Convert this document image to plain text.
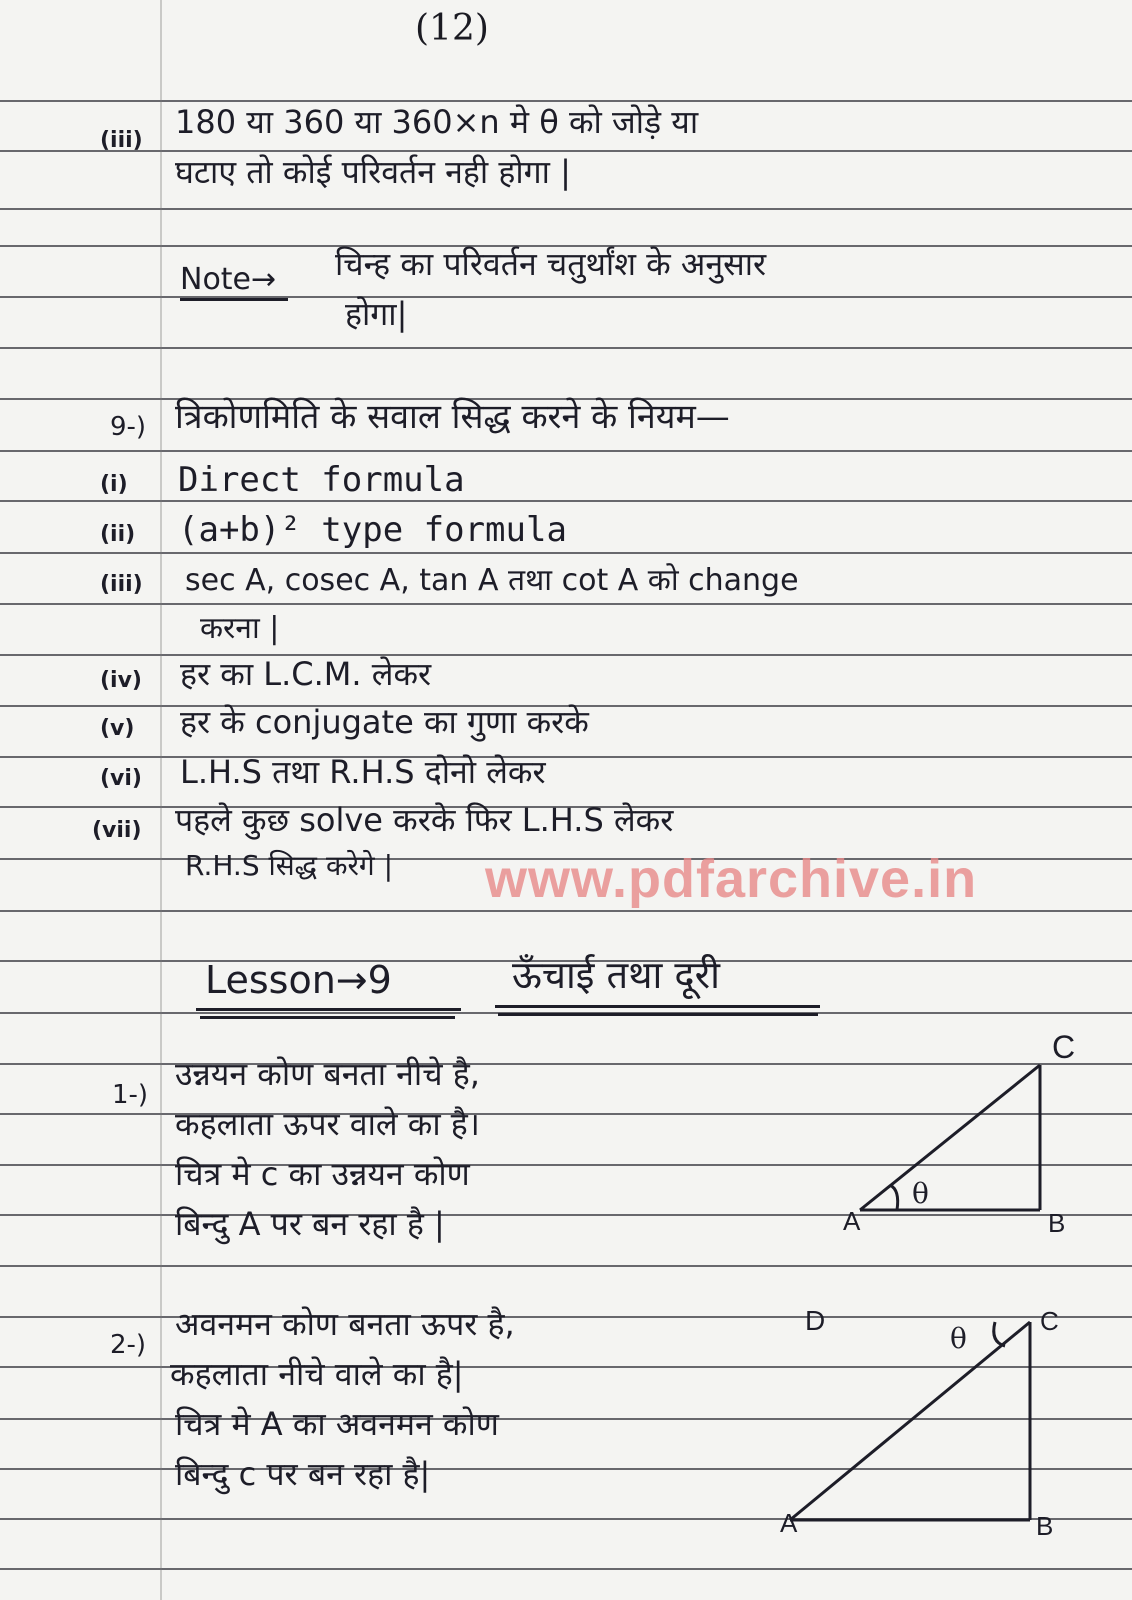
(12)
(iii) 180 या 360 या 360×n मे θ को जोड़े या
घटाए तो कोई परिवर्तन नही होगा |
Note→ चिन्ह का परिवर्तन चतुर्थांश के अनुसार
होगा|
9-) त्रिकोणमिति के सवाल सिद्ध करने के नियम—
(i) Direct formula
(ii) (a+b)² type formula
(iii) sec A, cosec A, tan A तथा cot A को change
करना |
(iv) हर का L.C.M. लेकर
(v) हर के conjugate का गुणा करके
(vi) L.H.S तथा R.H.S दोनो लेकर
(vii) पहले कुछ solve करके फिर L.H.S लेकर
R.H.S सिद्ध करेगे | www.pdfarchive.in
Lesson→9	ऊँचाई तथा दूरी
1-)
उन्नयन कोण बनता नीचे है,
कहलाता ऊपर वाले का है।
चित्र मे c का उन्नयन कोण
बिन्दु A पर बन रहा है |	A	B
C
θ
2-)
अवनमन कोण बनता ऊपर है,
कहलाता नीचे वाले का है|
चित्र मे A का अवनमन कोण
बिन्दु c पर बन रहा है|
A	B
C
D
θ
